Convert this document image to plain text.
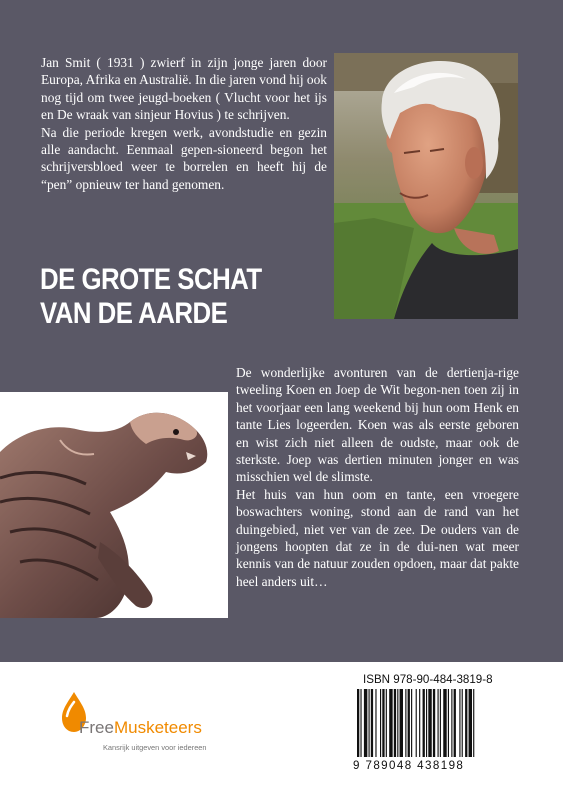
Jan Smit ( 1931 ) zwierf in zijn jonge jaren door Europa, Afrika en Australië. In die jaren vond hij ook nog tijd om twee jeugd-boeken ( Vlucht voor het ijs en De wraak van sinjeur Hovius ) te schrijven.

Na die periode kregen werk, avondstudie en gezin alle aandacht. Eenmaal gepen-sioneerd begon het schrijversbloed weer te borrelen en heeft hij de “pen” opnieuw ter hand genomen.

DE GROTE SCHAT
VAN DE AARDE

De wonderlijke avonturen van de dertienja-rige tweeling Koen en Joep de Wit begon-nen toen zij in het voorjaar een lang weekend bij hun oom Henk en tante Lies logeerden. Koen was als eerste geboren en wist zich niet alleen de oudste, maar ook de sterkste. Joep was dertien minuten jonger en was misschien wel de slimste.

Het huis van hun oom en tante, een vroegere boswachters woning, stond aan de rand van het duingebied, niet ver van de zee. De ouders van de jongens hoopten dat ze in de dui-nen wat meer kennis van de natuur zouden opdoen, maar dat pakte heel anders uit…

FreeMusketeers
Kansrijk uitgeven voor iedereen
ISBN 978-90-484-3819-8
9 789048 438198
